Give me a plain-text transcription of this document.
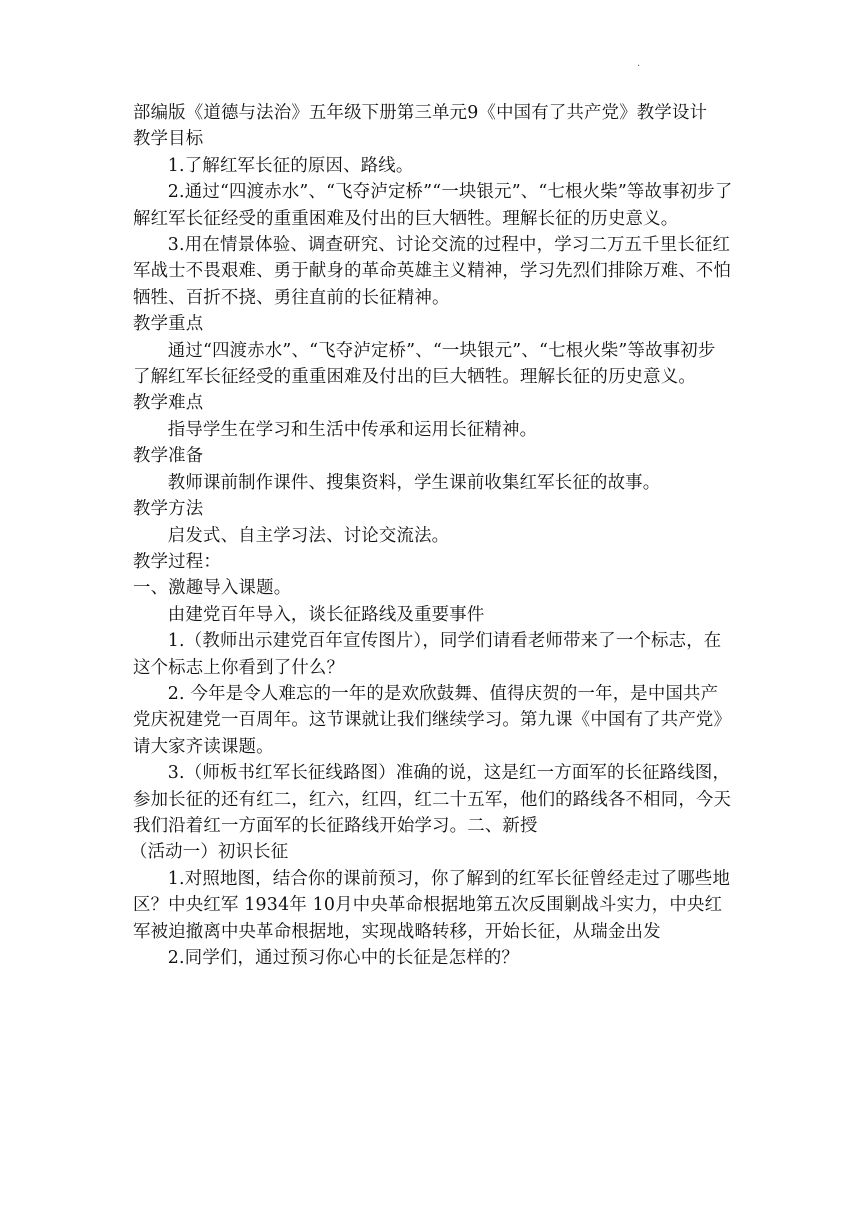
.

部编版《道德与法治》五年级下册第三单元9《中国有了共产党》教学设计

教学目标

1.了解红军长征的原因、路线。

2.通过“四渡赤水”、“飞夺泸定桥”“一块银元”、“七根火柴”等故事初步了解红军长征经受的重重困难及付出的巨大牺牲。理解长征的历史意义。

3.用在情景体验、调查研究、讨论交流的过程中，学习二万五千里长征红军战士不畏艰难、勇于献身的革命英雄主义精神，学习先烈们排除万难、不怕牺牲、百折不挠、勇往直前的长征精神。

教学重点

通过“四渡赤水”、“飞夺泸定桥”、“一块银元”、“七根火柴”等故事初步了解红军长征经受的重重困难及付出的巨大牺牲。理解长征的历史意义。

教学难点

指导学生在学习和生活中传承和运用长征精神。

教学准备

教师课前制作课件、搜集资料，学生课前收集红军长征的故事。

教学方法

启发式、自主学习法、讨论交流法。

教学过程：

一、激趣导入课题。

由建党百年导入，谈长征路线及重要事件

1.（教师出示建党百年宣传图片），同学们请看老师带来了一个标志，在这个标志上你看到了什么？

2. 今年是令人难忘的一年的是欢欣鼓舞、值得庆贺的一年，是中国共产党庆祝建党一百周年。这节课就让我们继续学习。第九课《中国有了共产党》请大家齐读课题。

3.（师板书红军长征线路图）准确的说，这是红一方面军的长征路线图，参加长征的还有红二，红六，红四，红二十五军，他们的路线各不相同，今天我们沿着红一方面军的长征路线开始学习。二、新授

（活动一）初识长征

1.对照地图，结合你的课前预习，你了解到的红军长征曾经走过了哪些地区？中央红军 1934年 10月中央革命根据地第五次反围剿战斗实力，中央红军被迫撤离中央革命根据地，实现战略转移，开始长征，从瑞金出发

2.同学们，通过预习你心中的长征是怎样的？
